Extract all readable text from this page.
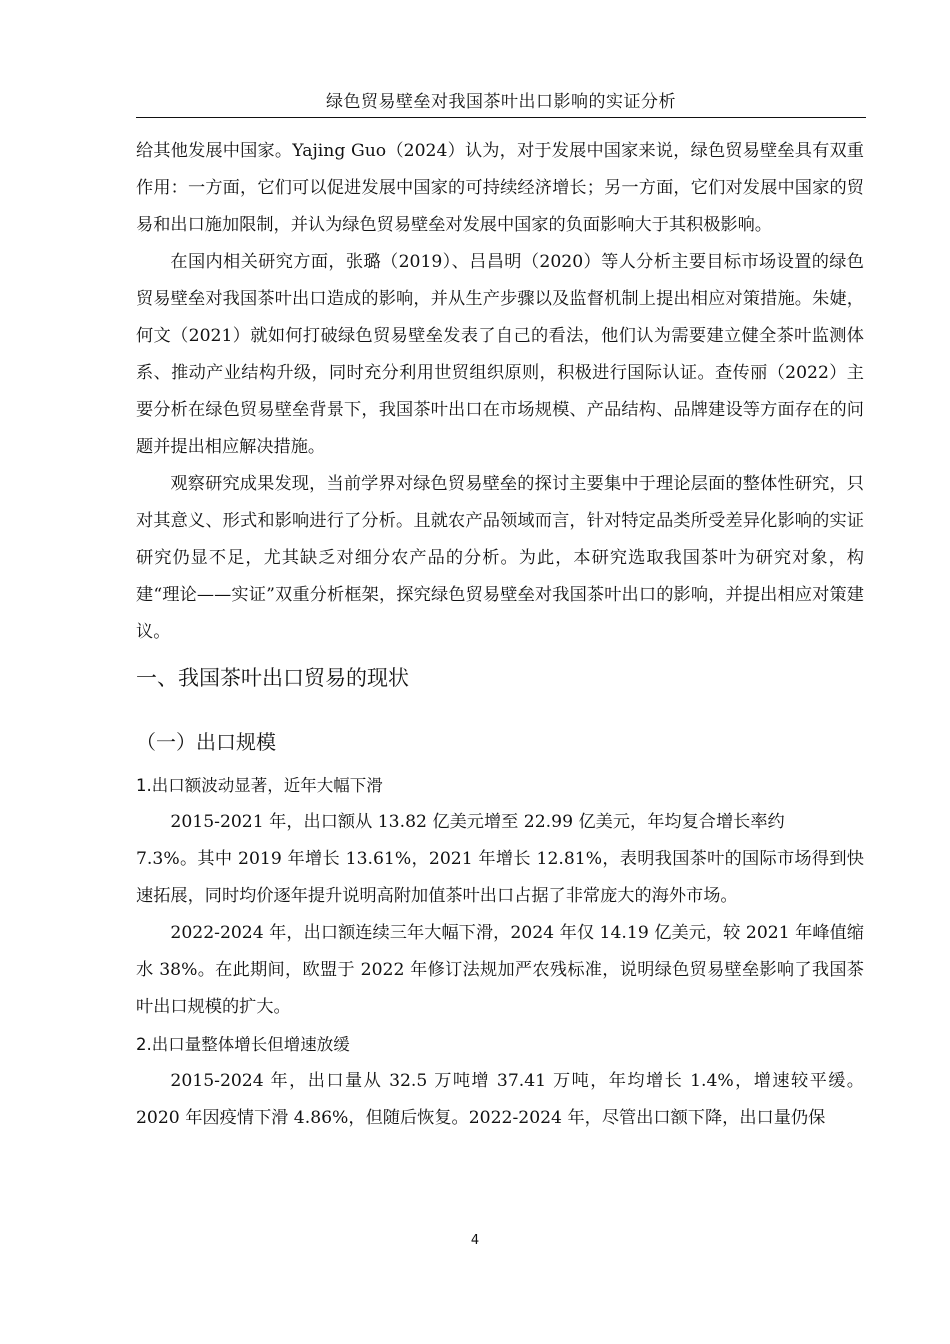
绿色贸易壁垒对我国茶叶出口影响的实证分析

给其他发展中国家。Yajing Guo（2024）认为，对于发展中国家来说，绿色贸易壁垒具有双重作用：一方面，它们可以促进发展中国家的可持续经济增长；另一方面，它们对发展中国家的贸易和出口施加限制，并认为绿色贸易壁垒对发展中国家的负面影响大于其积极影响。

在国内相关研究方面，张璐（2019）、吕昌明（2020）等人分析主要目标市场设置的绿色贸易壁垒对我国茶叶出口造成的影响，并从生产步骤以及监督机制上提出相应对策措施。朱婕，何文（2021）就如何打破绿色贸易壁垒发表了自己的看法，他们认为需要建立健全茶叶监测体系、推动产业结构升级，同时充分利用世贸组织原则，积极进行国际认证。查传丽（2022）主要分析在绿色贸易壁垒背景下，我国茶叶出口在市场规模、产品结构、品牌建设等方面存在的问题并提出相应解决措施。

观察研究成果发现，当前学界对绿色贸易壁垒的探讨主要集中于理论层面的整体性研究，只对其意义、形式和影响进行了分析。且就农产品领域而言，针对特定品类所受差异化影响的实证研究仍显不足，尤其缺乏对细分农产品的分析。为此，本研究选取我国茶叶为研究对象，构建“理论——实证”双重分析框架，探究绿色贸易壁垒对我国茶叶出口的影响，并提出相应对策建议。

一、我国茶叶出口贸易的现状
（一）出口规模
1.出口额波动显著，近年大幅下滑

2015-2021 年，出口额从 13.82 亿美元增至 22.99 亿美元，年均复合增长率约

7.3%。其中 2019 年增长 13.61%，2021 年增长 12.81%，表明我国茶叶的国际市场得到快速拓展，同时均价逐年提升说明高附加值茶叶出口占据了非常庞大的海外市场。

2022-2024 年，出口额连续三年大幅下滑，2024 年仅 14.19 亿美元，较 2021 年峰值缩水 38%。在此期间，欧盟于 2022 年修订法规加严农残标准，说明绿色贸易壁垒影响了我国茶叶出口规模的扩大。

2.出口量整体增长但增速放缓

2015-2024 年，出口量从 32.5 万吨增 37.41 万吨，年均增长 1.4%，增速较平缓。2020 年因疫情下滑 4.86%，但随后恢复。2022-2024 年，尽管出口额下降，出口量仍保

4
